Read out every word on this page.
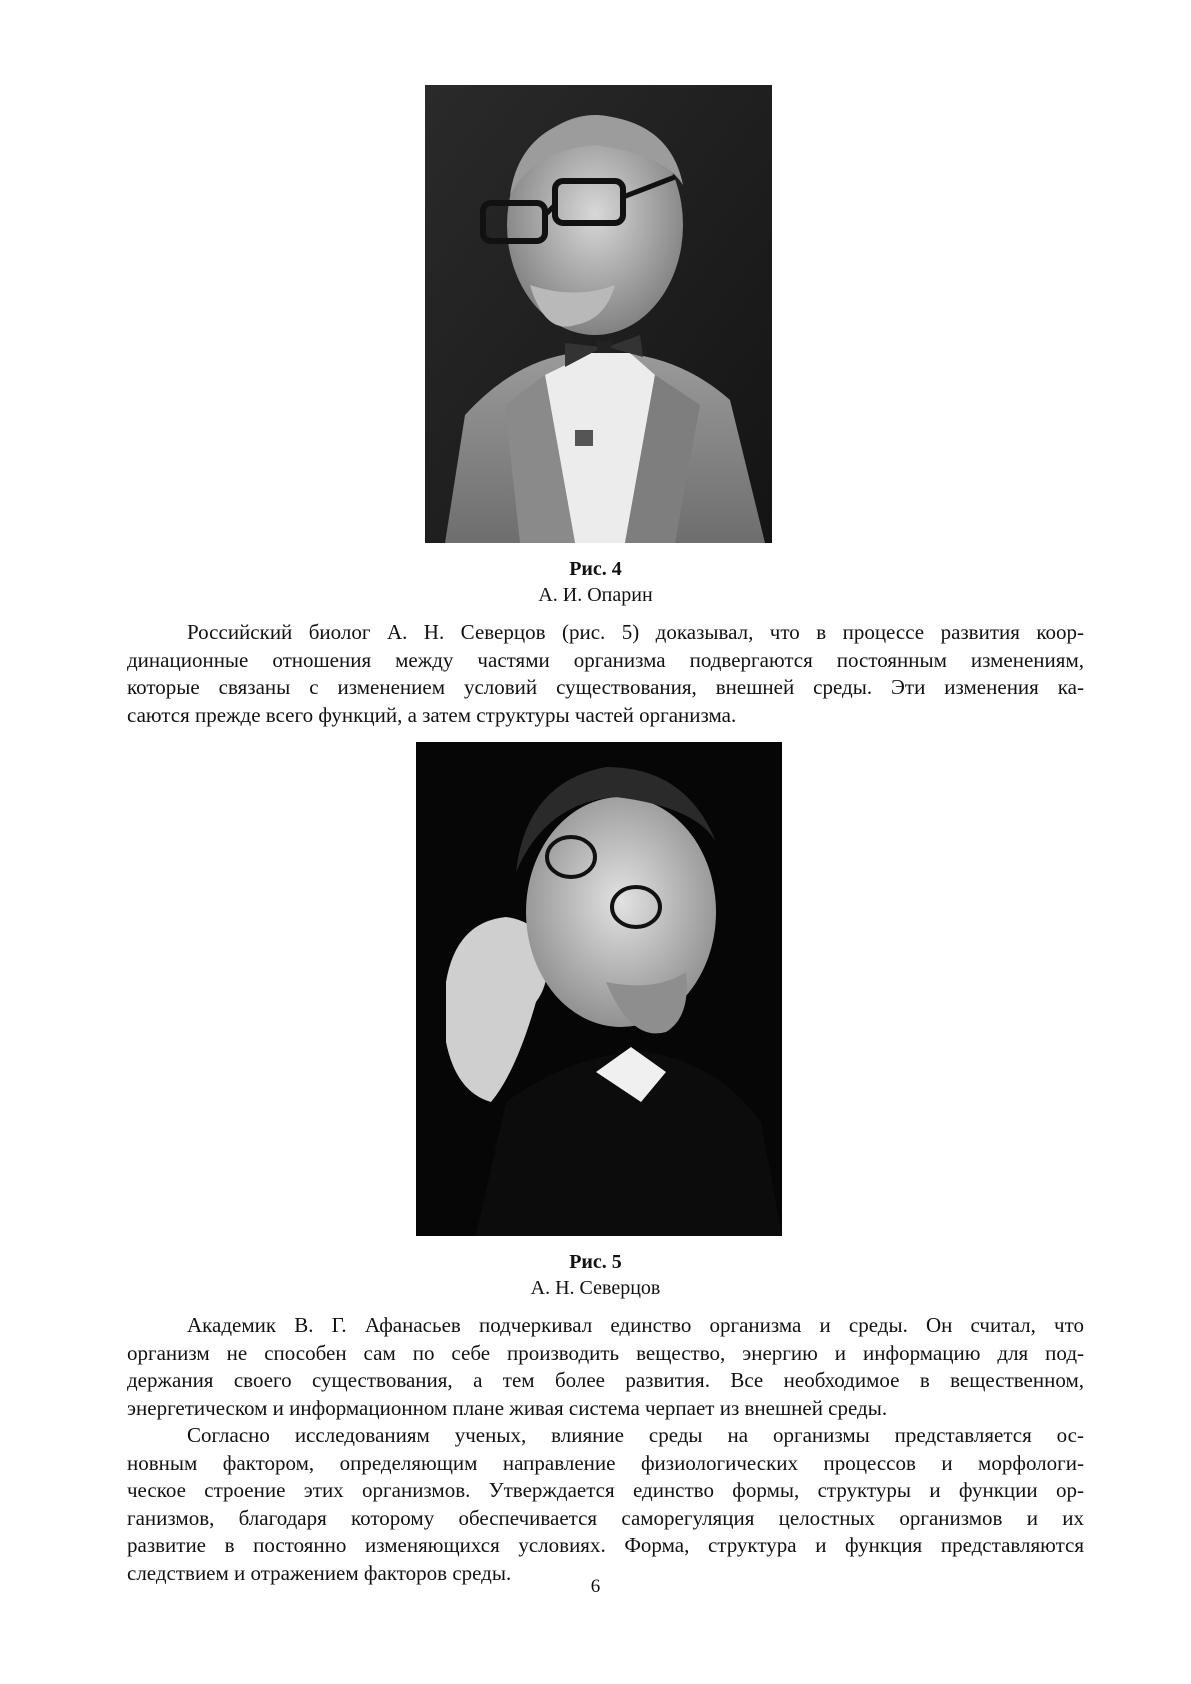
Рис. 4
А. И. Опарин

Российский биолог А. Н. Северцов (рис. 5) доказывал, что в процессе развития коор-
динационные отношения между частями организма подвергаются постоянным изменениям,
которые связаны с изменением условий существования, внешней среды. Эти изменения ка-
саются прежде всего функций, а затем структуры частей организма.

Рис. 5
А. Н. Северцов

Академик В. Г. Афанасьев подчеркивал единство организма и среды. Он считал, что
организм не способен сам по себе производить вещество, энергию и информацию для под-
держания своего существования, а тем более развития. Все необходимое в вещественном,
энергетическом и информационном плане живая система черпает из внешней среды.

Согласно исследованиям ученых, влияние среды на организмы представляется ос-
новным фактором, определяющим направление физиологических процессов и морфологи-
ческое строение этих организмов. Утверждается единство формы, структуры и функции ор-
ганизмов, благодаря которому обеспечивается саморегуляция целостных организмов и их
развитие в постоянно изменяющихся условиях. Форма, структура и функция представляются
следствием и отражением факторов среды.

6
